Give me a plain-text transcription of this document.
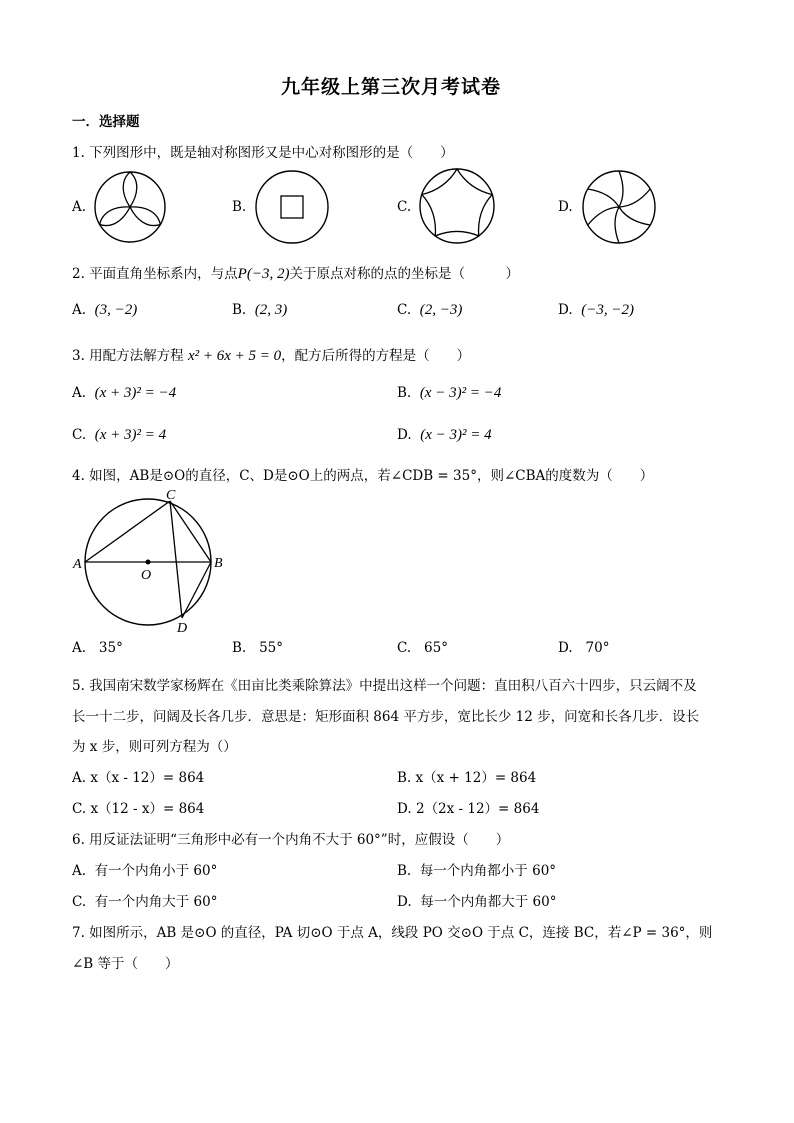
九年级上第三次月考试卷
一．选择题
1. 下列图形中，既是轴对称图形又是中心对称图形的是（　　）
A.	B.	C.	D.
2. 平面直角坐标系内，与点P(−3, 2)关于原点对称的点的坐标是（　　　）
A. (3, −2)	B. (2, 3)	C. (2, −3)	D. (−3, −2)
3. 用配方法解方程 x² + 6x + 5 = 0，配方后所得的方程是（　　）
A. (x + 3)² = −4	B. (x − 3)² = −4
C. (x + 3)² = 4	D. (x − 3)² = 4
4. 如图，AB是⊙O的直径，C、D是⊙O上的两点，若∠CDB = 35°，则∠CBA的度数为（　　）
A	B
C
D
O
A. 35°	B. 55°	C. 65°	D. 70°
5. 我国南宋数学家杨辉在《田亩比类乘除算法》中提出这样一个问题：直田积八百六十四步，只云阔不及
长一十二步，问阔及长各几步．意思是：矩形面积 864 平方步，宽比长少 12 步，问宽和长各几步．设长
为 x 步，则可列方程为（）
A. x（x - 12）= 864	B. x（x + 12）= 864
C. x（12 - x）= 864	D. 2（2x - 12）= 864
6. 用反证法证明“三角形中必有一个内角不大于 60°”时，应假设（　　）
A. 有一个内角小于 60°	B. 每一个内角都小于 60°
C. 有一个内角大于 60°	D. 每一个内角都大于 60°
7. 如图所示，AB 是⊙O 的直径，PA 切⊙O 于点 A，线段 PO 交⊙O 于点 C，连接 BC，若∠P = 36°，则
∠B 等于（　　）
